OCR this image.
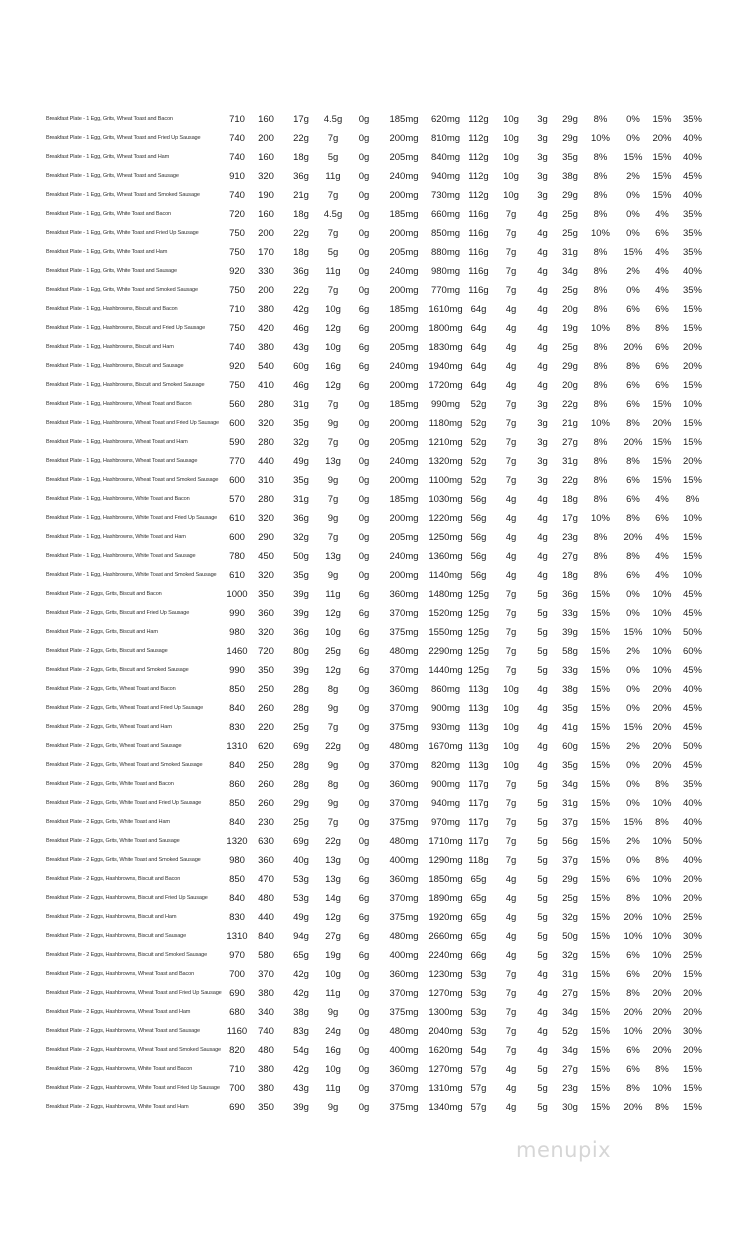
Breakfast Plate - 1 Egg, Grits, Wheat Toast and Bacon	710	160	17g	4.5g	0g	185mg	620mg	112g	10g	3g	29g	8%	0%	15%	35%
Breakfast Plate - 1 Egg, Grits, Wheat Toast and Fried Up Sausage	740	200	22g	7g	0g	200mg	810mg	112g	10g	3g	29g	10%	0%	20%	40%
Breakfast Plate - 1 Egg, Grits, Wheat Toast and Ham	740	160	18g	5g	0g	205mg	840mg	112g	10g	3g	35g	8%	15%	15%	40%
Breakfast Plate - 1 Egg, Grits, Wheat Toast and Sausage	910	320	36g	11g	0g	240mg	940mg	112g	10g	3g	38g	8%	2%	15%	45%
Breakfast Plate - 1 Egg, Grits, Wheat Toast and Smoked Sausage	740	190	21g	7g	0g	200mg	730mg	112g	10g	3g	29g	8%	0%	15%	40%
Breakfast Plate - 1 Egg, Grits, White Toast and Bacon	720	160	18g	4.5g	0g	185mg	660mg	116g	7g	4g	25g	8%	0%	4%	35%
Breakfast Plate - 1 Egg, Grits, White Toast and Fried Up Sausage	750	200	22g	7g	0g	200mg	850mg	116g	7g	4g	25g	10%	0%	6%	35%
Breakfast Plate - 1 Egg, Grits, White Toast and Ham	750	170	18g	5g	0g	205mg	880mg	116g	7g	4g	31g	8%	15%	4%	35%
Breakfast Plate - 1 Egg, Grits, White Toast and Sausage	920	330	36g	11g	0g	240mg	980mg	116g	7g	4g	34g	8%	2%	4%	40%
Breakfast Plate - 1 Egg, Grits, White Toast and Smoked Sausage	750	200	22g	7g	0g	200mg	770mg	116g	7g	4g	25g	8%	0%	4%	35%
Breakfast Plate - 1 Egg, Hashbrowns, Biscuit and Bacon	710	380	42g	10g	6g	185mg	1610mg	64g	4g	4g	20g	8%	6%	6%	15%
Breakfast Plate - 1 Egg, Hashbrowns, Biscuit and Fried Up Sausage	750	420	46g	12g	6g	200mg	1800mg	64g	4g	4g	19g	10%	8%	8%	15%
Breakfast Plate - 1 Egg, Hashbrowns, Biscuit and Ham	740	380	43g	10g	6g	205mg	1830mg	64g	4g	4g	25g	8%	20%	6%	20%
Breakfast Plate - 1 Egg, Hashbrowns, Biscuit and Sausage	920	540	60g	16g	6g	240mg	1940mg	64g	4g	4g	29g	8%	8%	6%	20%
Breakfast Plate - 1 Egg, Hashbrowns, Biscuit and Smoked Sausage	750	410	46g	12g	6g	200mg	1720mg	64g	4g	4g	20g	8%	6%	6%	15%
Breakfast Plate - 1 Egg, Hashbrowns, Wheat Toast and Bacon	560	280	31g	7g	0g	185mg	990mg	52g	7g	3g	22g	8%	6%	15%	10%
Breakfast Plate - 1 Egg, Hashbrowns, Wheat Toast and Fried Up Sausage	600	320	35g	9g	0g	200mg	1180mg	52g	7g	3g	21g	10%	8%	20%	15%
Breakfast Plate - 1 Egg, Hashbrowns, Wheat Toast and Ham	590	280	32g	7g	0g	205mg	1210mg	52g	7g	3g	27g	8%	20%	15%	15%
Breakfast Plate - 1 Egg, Hashbrowns, Wheat Toast and Sausage	770	440	49g	13g	0g	240mg	1320mg	52g	7g	3g	31g	8%	8%	15%	20%
Breakfast Plate - 1 Egg, Hashbrowns, Wheat Toast and Smoked Sausage	600	310	35g	9g	0g	200mg	1100mg	52g	7g	3g	22g	8%	6%	15%	15%
Breakfast Plate - 1 Egg, Hashbrowns, White Toast and Bacon	570	280	31g	7g	0g	185mg	1030mg	56g	4g	4g	18g	8%	6%	4%	8%
Breakfast Plate - 1 Egg, Hashbrowns, White Toast and Fried Up Sausage	610	320	36g	9g	0g	200mg	1220mg	56g	4g	4g	17g	10%	8%	6%	10%
Breakfast Plate - 1 Egg, Hashbrowns, White Toast and Ham	600	290	32g	7g	0g	205mg	1250mg	56g	4g	4g	23g	8%	20%	4%	15%
Breakfast Plate - 1 Egg, Hashbrowns, White Toast and Sausage	780	450	50g	13g	0g	240mg	1360mg	56g	4g	4g	27g	8%	8%	4%	15%
Breakfast Plate - 1 Egg, Hashbrowns, White Toast and Smoked Sausage	610	320	35g	9g	0g	200mg	1140mg	56g	4g	4g	18g	8%	6%	4%	10%
Breakfast Plate - 2 Eggs, Grits, Biscuit and Bacon	1000	350	39g	11g	6g	360mg	1480mg	125g	7g	5g	36g	15%	0%	10%	45%
Breakfast Plate - 2 Eggs, Grits, Biscuit and Fried Up Sausage	990	360	39g	12g	6g	370mg	1520mg	125g	7g	5g	33g	15%	0%	10%	45%
Breakfast Plate - 2 Eggs, Grits, Biscuit and Ham	980	320	36g	10g	6g	375mg	1550mg	125g	7g	5g	39g	15%	15%	10%	50%
Breakfast Plate - 2 Eggs, Grits, Biscuit and Sausage	1460	720	80g	25g	6g	480mg	2290mg	125g	7g	5g	58g	15%	2%	10%	60%
Breakfast Plate - 2 Eggs, Grits, Biscuit and Smoked Sausage	990	350	39g	12g	6g	370mg	1440mg	125g	7g	5g	33g	15%	0%	10%	45%
Breakfast Plate - 2 Eggs, Grits, Wheat Toast and Bacon	850	250	28g	8g	0g	360mg	860mg	113g	10g	4g	38g	15%	0%	20%	40%
Breakfast Plate - 2 Eggs, Grits, Wheat Toast and Fried Up Sausage	840	260	28g	9g	0g	370mg	900mg	113g	10g	4g	35g	15%	0%	20%	45%
Breakfast Plate - 2 Eggs, Grits, Wheat Toast and Ham	830	220	25g	7g	0g	375mg	930mg	113g	10g	4g	41g	15%	15%	20%	45%
Breakfast Plate - 2 Eggs, Grits, Wheat Toast and Sausage	1310	620	69g	22g	0g	480mg	1670mg	113g	10g	4g	60g	15%	2%	20%	50%
Breakfast Plate - 2 Eggs, Grits, Wheat Toast and Smoked Sausage	840	250	28g	9g	0g	370mg	820mg	113g	10g	4g	35g	15%	0%	20%	45%
Breakfast Plate - 2 Eggs, Grits, White Toast and Bacon	860	260	28g	8g	0g	360mg	900mg	117g	7g	5g	34g	15%	0%	8%	35%
Breakfast Plate - 2 Eggs, Grits, White Toast and Fried Up Sausage	850	260	29g	9g	0g	370mg	940mg	117g	7g	5g	31g	15%	0%	10%	40%
Breakfast Plate - 2 Eggs, Grits, White Toast and Ham	840	230	25g	7g	0g	375mg	970mg	117g	7g	5g	37g	15%	15%	8%	40%
Breakfast Plate - 2 Eggs, Grits, White Toast and Sausage	1320	630	69g	22g	0g	480mg	1710mg	117g	7g	5g	56g	15%	2%	10%	50%
Breakfast Plate - 2 Eggs, Grits, White Toast and Smoked Sausage	980	360	40g	13g	0g	400mg	1290mg	118g	7g	5g	37g	15%	0%	8%	40%
Breakfast Plate - 2 Eggs, Hashbrowns, Biscuit and Bacon	850	470	53g	13g	6g	360mg	1850mg	65g	4g	5g	29g	15%	6%	10%	20%
Breakfast Plate - 2 Eggs, Hashbrowns, Biscuit and Fried Up Sausage	840	480	53g	14g	6g	370mg	1890mg	65g	4g	5g	25g	15%	8%	10%	20%
Breakfast Plate - 2 Eggs, Hashbrowns, Biscuit and Ham	830	440	49g	12g	6g	375mg	1920mg	65g	4g	5g	32g	15%	20%	10%	25%
Breakfast Plate - 2 Eggs, Hashbrowns, Biscuit and Sausage	1310	840	94g	27g	6g	480mg	2660mg	65g	4g	5g	50g	15%	10%	10%	30%
Breakfast Plate - 2 Eggs, Hashbrowns, Biscuit and Smoked Sausage	970	580	65g	19g	6g	400mg	2240mg	66g	4g	5g	32g	15%	6%	10%	25%
Breakfast Plate - 2 Eggs, Hashbrowns, Wheat Toast and Bacon	700	370	42g	10g	0g	360mg	1230mg	53g	7g	4g	31g	15%	6%	20%	15%
Breakfast Plate - 2 Eggs, Hashbrowns, Wheat Toast and Fried Up Sausage	690	380	42g	11g	0g	370mg	1270mg	53g	7g	4g	27g	15%	8%	20%	20%
Breakfast Plate - 2 Eggs, Hashbrowns, Wheat Toast and Ham	680	340	38g	9g	0g	375mg	1300mg	53g	7g	4g	34g	15%	20%	20%	20%
Breakfast Plate - 2 Eggs, Hashbrowns, Wheat Toast and Sausage	1160	740	83g	24g	0g	480mg	2040mg	53g	7g	4g	52g	15%	10%	20%	30%
Breakfast Plate - 2 Eggs, Hashbrowns, Wheat Toast and Smoked Sausage	820	480	54g	16g	0g	400mg	1620mg	54g	7g	4g	34g	15%	6%	20%	20%
Breakfast Plate - 2 Eggs, Hashbrowns, White Toast and Bacon	710	380	42g	10g	0g	360mg	1270mg	57g	4g	5g	27g	15%	6%	8%	15%
Breakfast Plate - 2 Eggs, Hashbrowns, White Toast and Fried Up Sausage	700	380	43g	11g	0g	370mg	1310mg	57g	4g	5g	23g	15%	8%	10%	15%
Breakfast Plate - 2 Eggs, Hashbrowns, White Toast and Ham	690	350	39g	9g	0g	375mg	1340mg	57g	4g	5g	30g	15%	20%	8%	15%
menupix
